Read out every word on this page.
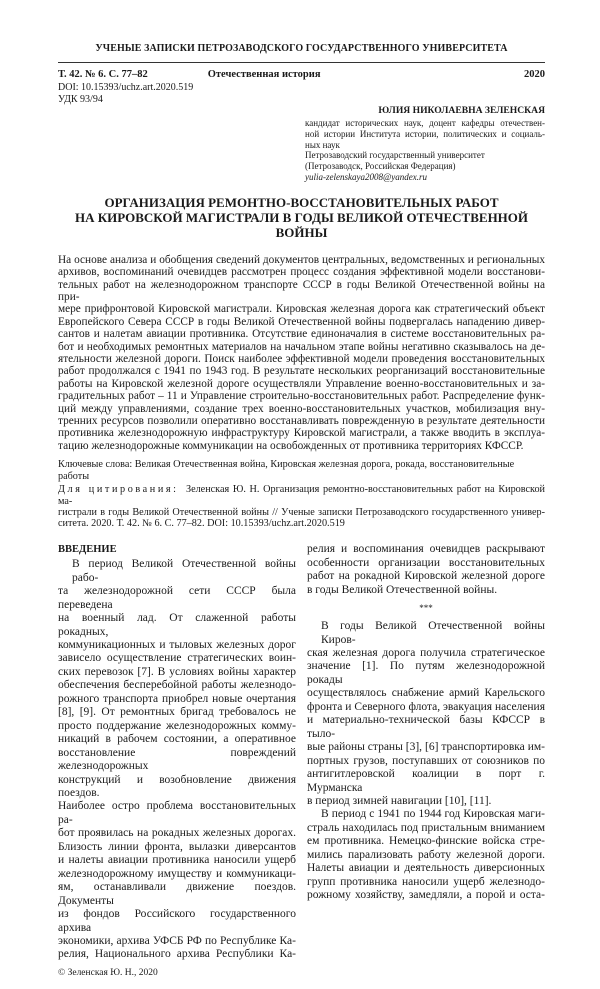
УЧЕНЫЕ ЗАПИСКИ ПЕТРОЗАВОДСКОГО ГОСУДАРСТВЕННОГО УНИВЕРСИТЕТА
Т. 42. № 6. С. 77–82	Отечественная история	2020
DOI: 10.15393/uchz.art.2020.519
УДК 93/94
ЮЛИЯ НИКОЛАЕВНА ЗЕЛЕНСКАЯ
кандидат исторических наук, доцент кафедры отечествен-
ной истории Института истории, политических и социаль-
ных наук
Петрозаводский государственный университет
(Петрозаводск, Российская Федерация)
yulia-zelenskaya2008@yandex.ru
ОРГАНИЗАЦИЯ РЕМОНТНО-ВОССТАНОВИТЕЛЬНЫХ РАБОТ
НА КИРОВСКОЙ МАГИСТРАЛИ В ГОДЫ ВЕЛИКОЙ ОТЕЧЕСТВЕННОЙ ВОЙНЫ
На основе анализа и обобщения сведений документов центральных, ведомственных и региональных
архивов, воспоминаний очевидцев рассмотрен процесс создания эффективной модели восстанови-
тельных работ на железнодорожном транспорте СССР в годы Великой Отечественной войны на при-
мере прифронтовой Кировской магистрали. Кировская железная дорога как стратегический объект
Европейского Севера СССР в годы Великой Отечественной войны подвергалась нападению дивер-
сантов и налетам авиации противника. Отсутствие единоначалия в системе восстановительных ра-
бот и необходимых ремонтных материалов на начальном этапе войны негативно сказывалось на де-
ятельности железной дороги. Поиск наиболее эффективной модели проведения восстановительных
работ продолжался с 1941 по 1943 год. В результате нескольких реорганизаций восстановительные
работы на Кировской железной дороге осуществляли Управление военно-восстановительных и за-
градительных работ – 11 и Управление строительно-восстановительных работ. Распределение функ-
ций между управлениями, создание трех военно-восстановительных участков, мобилизация вну-
тренних ресурсов позволили оперативно восстанавливать поврежденную в результате деятельности
противника железнодорожную инфраструктуру Кировской магистрали, а также вводить в эксплуа-
тацию железнодорожные коммуникации на освобожденных от противника территориях КФССР.
Ключевые слова: Великая Отечественная война, Кировская железная дорога, рокада, восстановительные работы
Для цитирования: Зеленская Ю. Н. Организация ремонтно-восстановительных работ на Кировской ма-
гистрали в годы Великой Отечественной войны // Ученые записки Петрозаводского государственного универ-
ситета. 2020. Т. 42. № 6. С. 77–82. DOI: 10.15393/uchz.art.2020.519
ВВЕДЕНИЕ
В период Великой Отечественной войны рабо-
та железнодорожной сети СССР была переведена
на военный лад. От слаженной работы рокадных,
коммуникационных и тыловых железных дорог
зависело осуществление стратегических воин-
ских перевозок [7]. В условиях войны характер
обеспечения бесперебойной работы железнодо-
рожного транспорта приобрел новые очертания
[8], [9]. От ремонтных бригад требовалось не
просто поддержание железнодорожных комму-
никаций в рабочем состоянии, а оперативное
восстановление повреждений железнодорожных
конструкций и возобновление движения поездов.
Наиболее остро проблема восстановительных ра-
бот проявилась на рокадных железных дорогах.
Близость линии фронта, вылазки диверсантов
и налеты авиации противника наносили ущерб
железнодорожному имуществу и коммуникаци-
ям, останавливали движение поездов. Документы
из фондов Российского государственного архива
экономики, архива УФСБ РФ по Республике Ка-
релия, Национального архива Республики Ка-
© Зеленская Ю. Н., 2020
релия и воспоминания очевидцев раскрывают
особенности организации восстановительных
работ на рокадной Кировской железной дороге
в годы Великой Отечественной войны.
***
В годы Великой Отечественной войны Киров-
ская железная дорога получила стратегическое
значение [1]. По путям железнодорожной рокады
осуществлялось снабжение армий Карельского
фронта и Северного флота, эвакуация населения
и материально-технической базы КФССР в тыло-
вые районы страны [3], [6] транспортировка им-
портных грузов, поступавших от союзников по
антигитлеровской коалиции в порт г. Мурманска
в период зимней навигации [10], [11].
В период с 1941 по 1944 год Кировская маги-
страль находилась под пристальным вниманием
ем противника. Немецко-финские войска стре-
мились парализовать работу железной дороги.
Налеты авиации и деятельность диверсионных
групп противника наносили ущерб железнодо-
рожному хозяйству, замедляли, а порой и оста-
